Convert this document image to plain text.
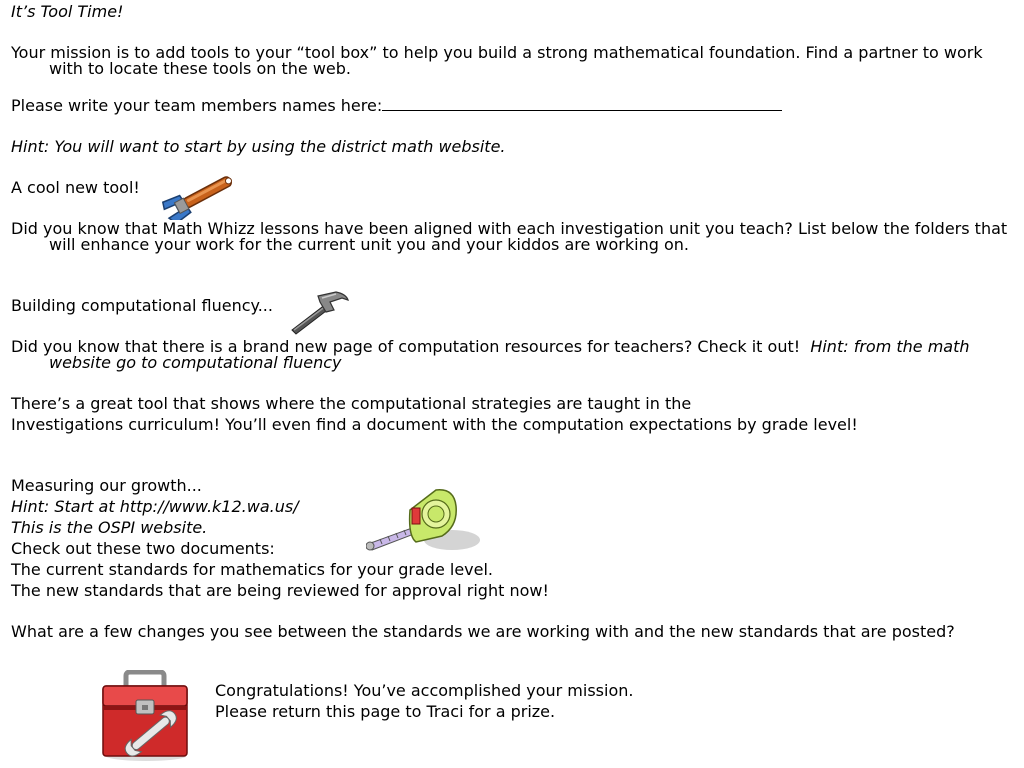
It’s Tool Time!

Your mission is to add tools to your “tool box” to help you build a strong mathematical foundation. Find a partner to work with to locate these tools on the web.

Please write your team members names here:

Hint: You will want to start by using the district math website.

A cool new tool!

Did you know that Math Whizz lessons have been aligned with each investigation unit you teach? List below the folders that will enhance your work for the current unit you and your kiddos are working on.

Building computational fluency...

Did you know that there is a brand new page of computation resources for teachers? Check it out! Hint: from the math website go to computational fluency

There’s a great tool that shows where the computational strategies are taught in the

Investigations curriculum! You’ll even find a document with the computation expectations by grade level!

Measuring our growth...

Hint: Start at http://www.k12.wa.us/

This is the OSPI website.

Check out these two documents:

The current standards for mathematics for your grade level.

The new standards that are being reviewed for approval right now!

What are a few changes you see between the standards we are working with and the new standards that are posted?

Congratulations! You’ve accomplished your mission.

Please return this page to Traci for a prize.
